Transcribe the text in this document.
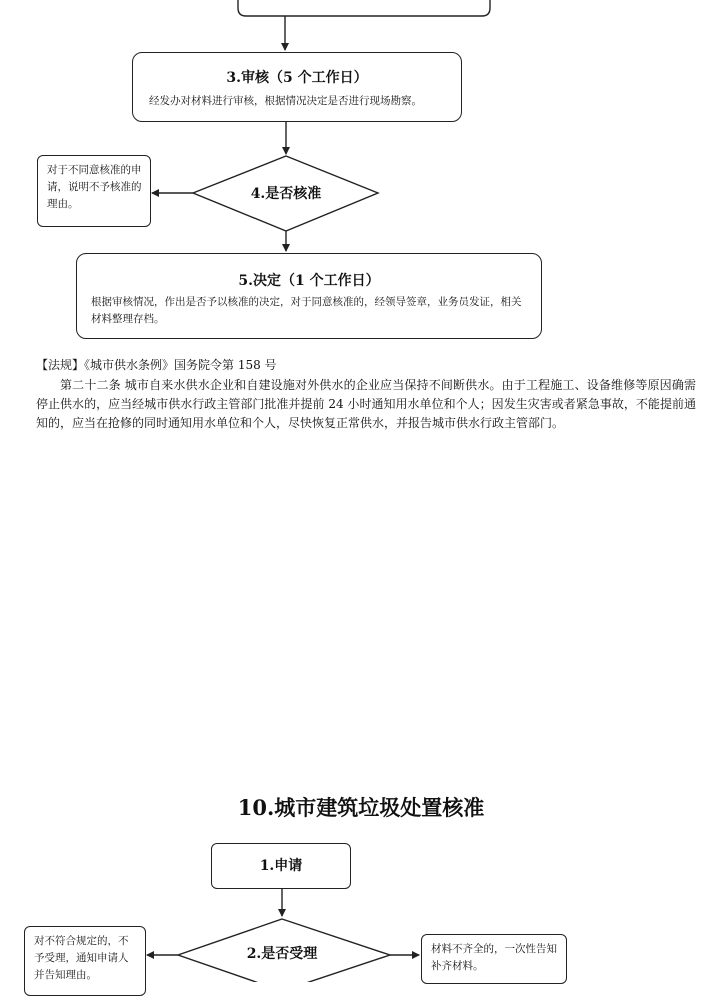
3.审核（5 个工作日）
经发办对材料进行审核，根据情况决定是否进行现场勘察。
4.是否核准
对于不同意核准的申请，说明不予核准的理由。
5.决定（1 个工作日）
根据审核情况，作出是否予以核准的决定，对于同意核准的，经领导签章，业务员发证，相关材料整理存档。
【法规】《城市供水条例》国务院令第 158 号
第二十二条 城市自来水供水企业和自建设施对外供水的企业应当保持不间断供水。由于工程施工、设备维修等原因确需停止供水的，应当经城市供水行政主管部门批准并提前 24 小时通知用水单位和个人；因发生灾害或者紧急事故，不能提前通知的，应当在抢修的同时通知用水单位和个人，尽快恢复正常供水，并报告城市供水行政主管部门。
10.城市建筑垃圾处置核准
1.申请
2.是否受理
对不符合规定的，不予受理，通知申请人并告知理由。
材料不齐全的，一次性告知补齐材料。
